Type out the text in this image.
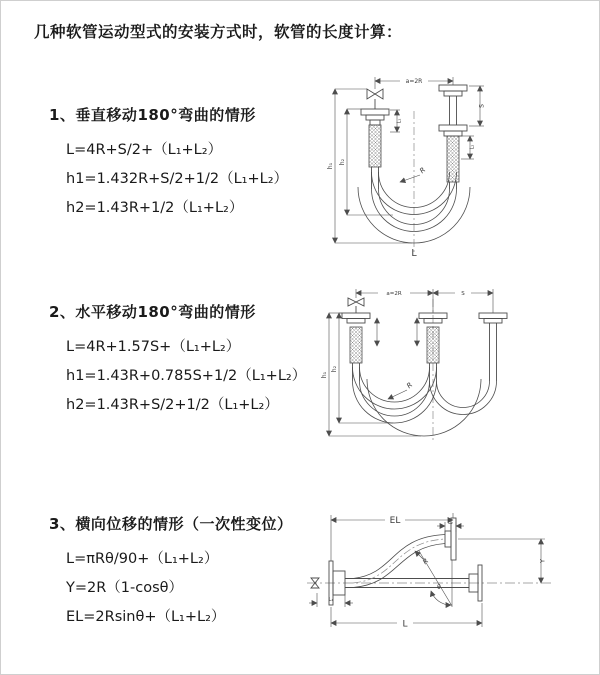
几种软管运动型式的安装方式时，软管的长度计算：
1、垂直移动180°弯曲的情形
L=4R+S/2+（L₁+L₂）
h1=1.432R+S/2+1/2（L₁+L₂）
h2=1.43R+1/2（L₁+L₂）
2、水平移动180°弯曲的情形
L=4R+1.57S+（L₁+L₂）
h1=1.43R+0.785S+1/2（L₁+L₂）
h2=1.43R+S/2+1/2（L₁+L₂）
3、横向位移的情形（一次性变位）
L=πRθ/90+（L₁+L₂）
Y=2R（1-cosθ）
EL=2Rsinθ+（L₁+L₂）
a=2R
S
L₂
L₁
h₂
h₁	R
L
a=2R	S
h₂
h₁
R
θ
R
EL	L₂
Y
L
L₁
